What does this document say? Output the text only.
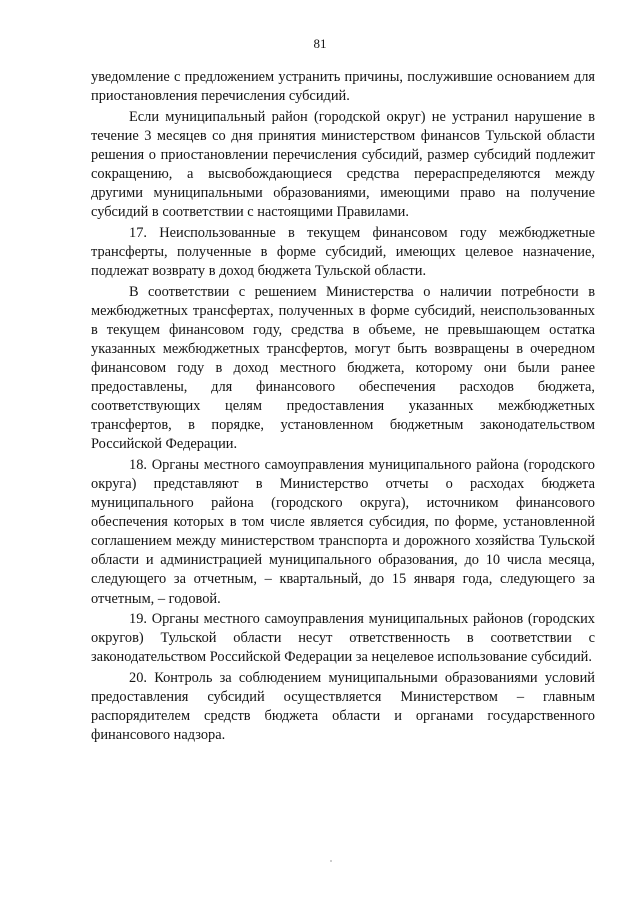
81

уведомление с предложением устранить причины, послужившие основанием для приостановления перечисления субсидий.

Если муниципальный район (городской округ) не устранил нарушение в течение 3 месяцев со дня принятия министерством финансов Тульской области решения о приостановлении перечисления субсидий, размер субсидий подлежит сокращению, а высвобождающиеся средства перераспределяются между другими муниципальными образованиями, имеющими право на получение субсидий в соответствии с настоящими Правилами.

17. Неиспользованные в текущем финансовом году межбюджетные трансферты, полученные в форме субсидий, имеющих целевое назначение, подлежат возврату в доход бюджета Тульской области.

В соответствии с решением Министерства о наличии потребности в межбюджетных трансфертах, полученных в форме субсидий, неиспользованных в текущем финансовом году, средства в объеме, не превышающем остатка указанных межбюджетных трансфертов, могут быть возвращены в очередном финансовом году в доход местного бюджета, которому они были ранее предоставлены, для финансового обеспечения расходов бюджета, соответствующих целям предоставления указанных межбюджетных трансфертов, в порядке, установленном бюджетным законодательством Российской Федерации.

18. Органы местного самоуправления муниципального района (городского округа) представляют в Министерство отчеты о расходах бюджета муниципального района (городского округа), источником финансового обеспечения которых в том числе является субсидия, по форме, установленной соглашением между министерством транспорта и дорожного хозяйства Тульской области и администрацией муниципального образования, до 10 числа месяца, следующего за отчетным, – квартальный, до 15 января года, следующего за отчетным, – годовой.

19. Органы местного самоуправления муниципальных районов (городских округов) Тульской области несут ответственность в соответствии с законодательством Российской Федерации за нецелевое использование субсидий.

20. Контроль за соблюдением муниципальными образованиями условий предоставления субсидий осуществляется Министерством – главным распорядителем средств бюджета области и органами государственного финансового надзора.
